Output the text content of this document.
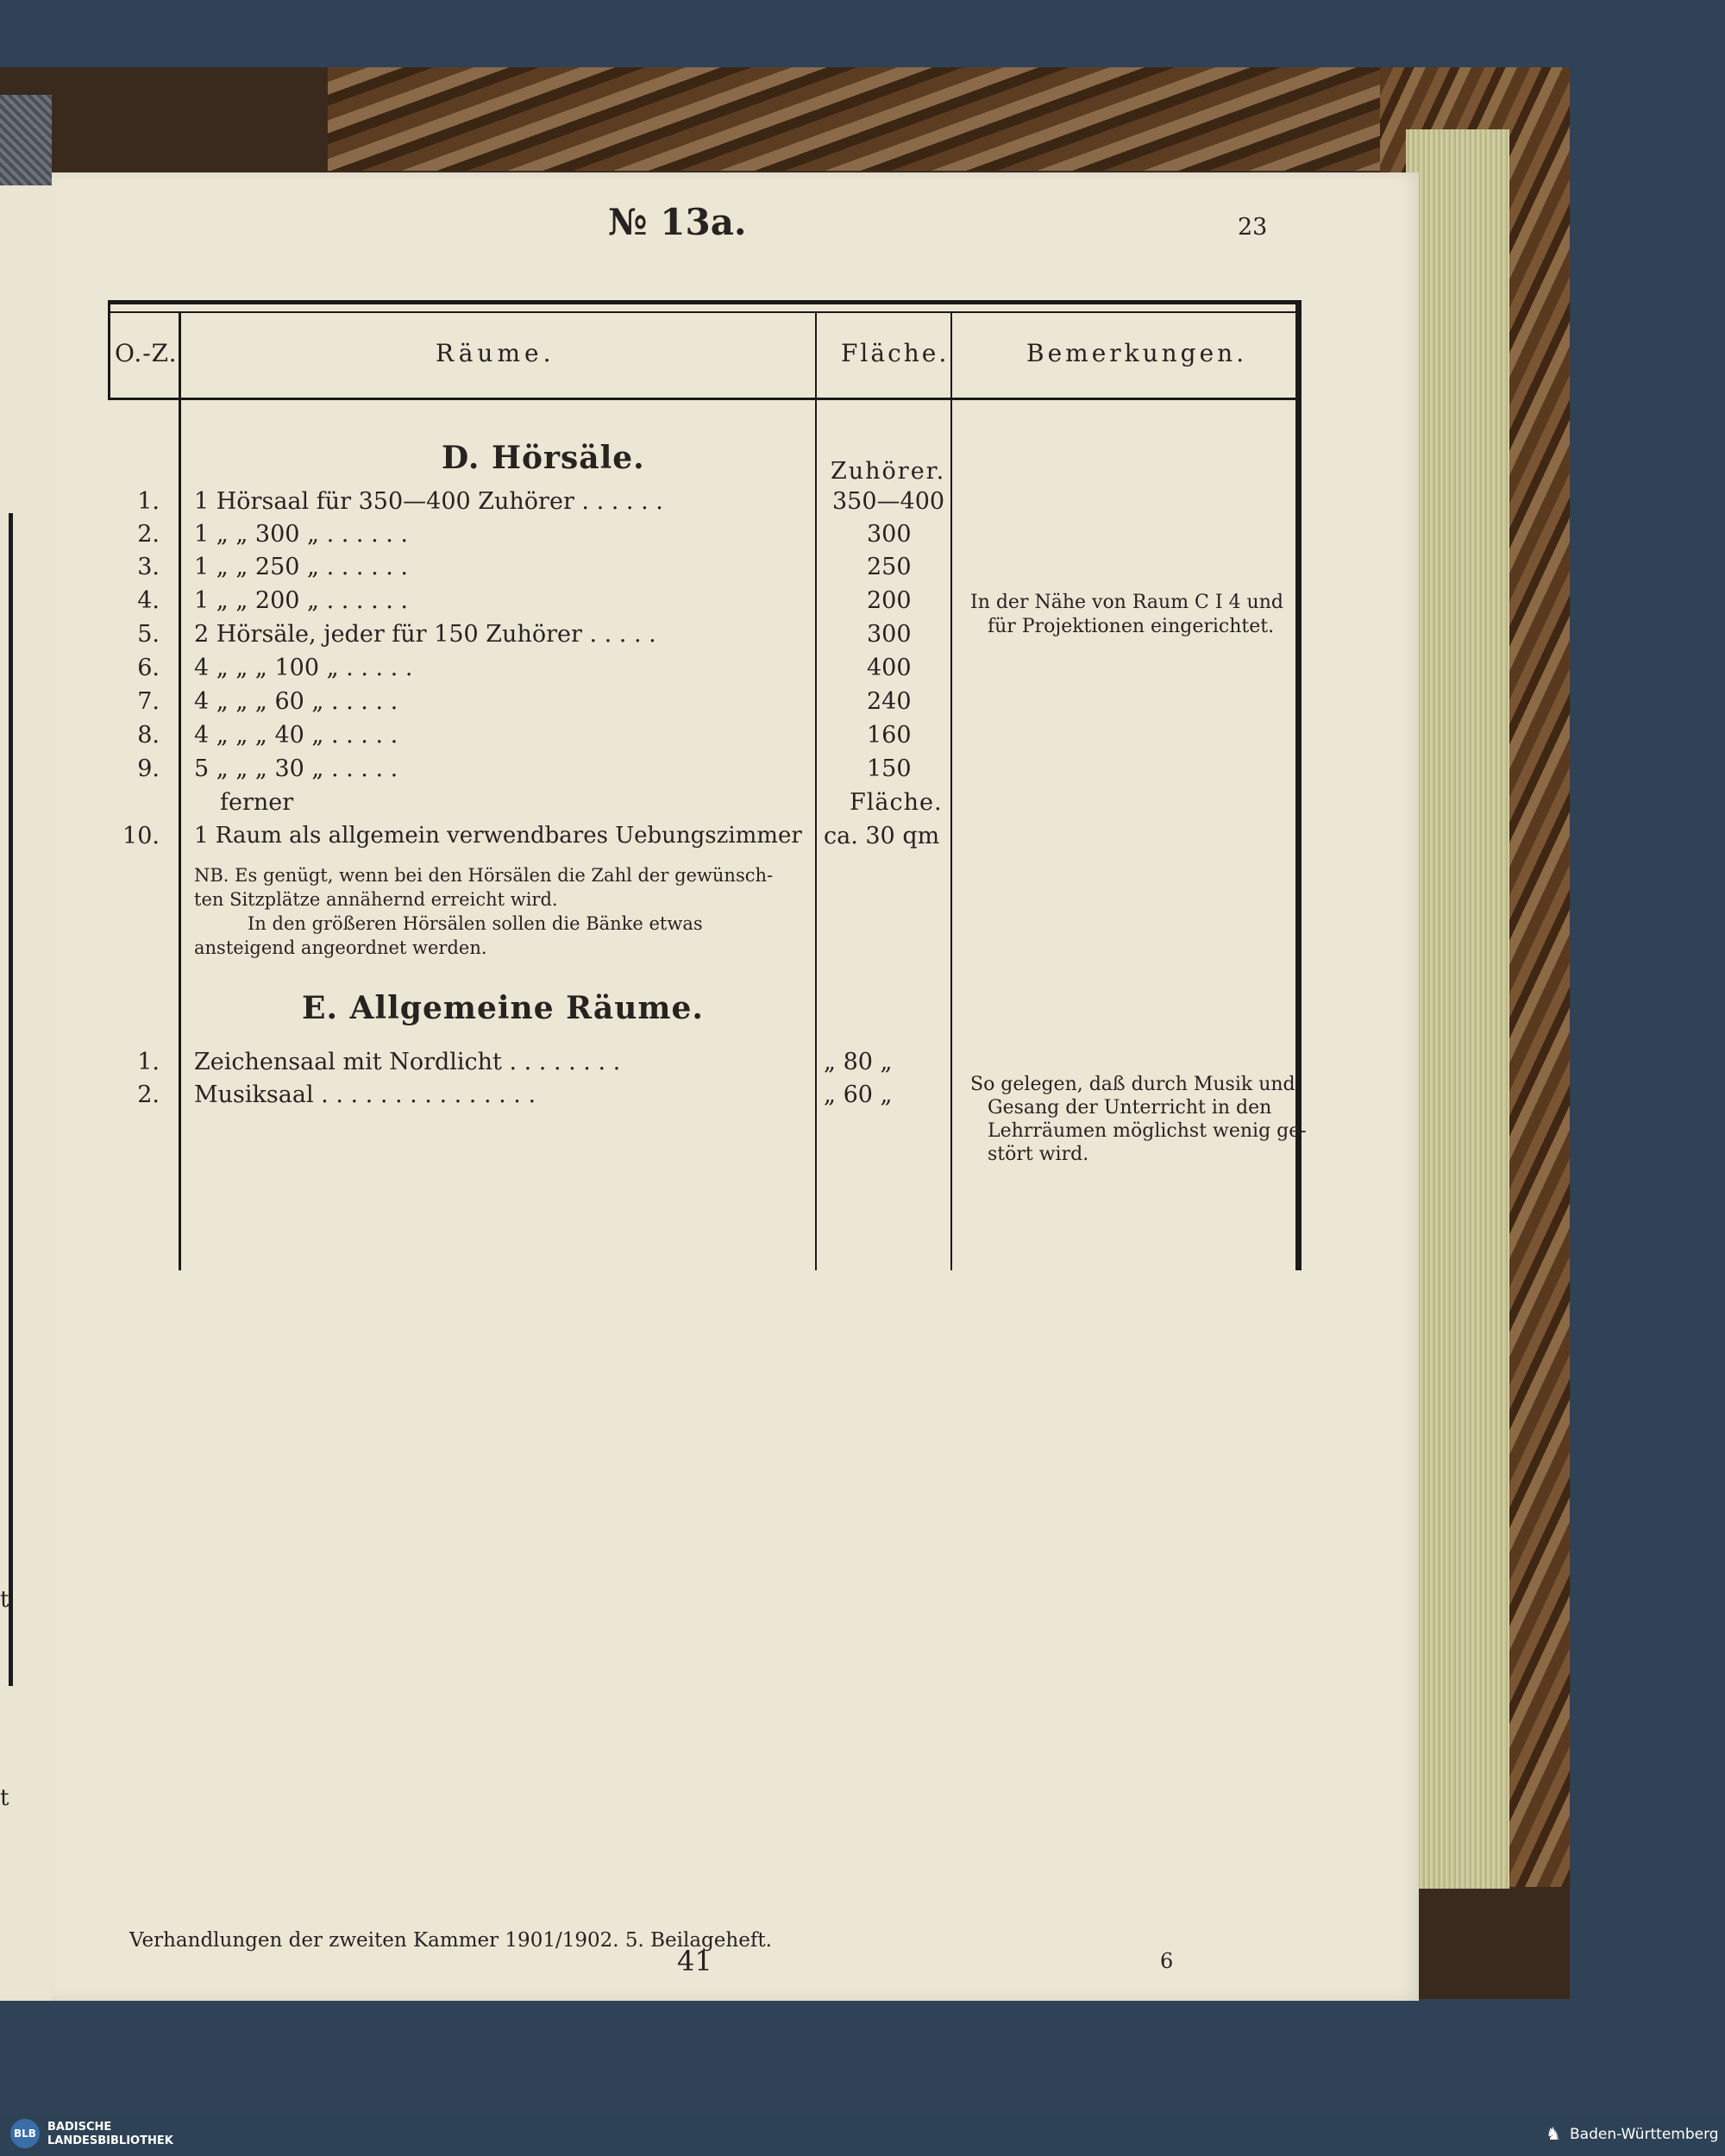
t
t
№ 13a.	23
O.-Z.	Räume.	Fläche.	Bemerkungen.
D. Hörsäle.	Zuhörer.
1. 1 Hörsaal für 350—400 Zuhörer . . . . . .	350—400
2. 1 „ „ 300 „ . . . . . .	300
3. 1 „ „ 250 „ . . . . . .	250
4. 1 „ „ 200 „ . . . . . .	200
5. 2 Hörsäle, jeder für 150 Zuhörer . . . . .	300
6. 4 „ „ „ 100 „ . . . . .	400
7. 4 „ „ „ 60 „ . . . . .	240
8. 4 „ „ „ 40 „ . . . . .	160
9. 5 „ „ „ 30 „ . . . . .	150
ferner	Fläche.
10. 1 Raum als allgemein verwendbares Uebungszimmer ca. 30 qm
NB. Es genügt, wenn bei den Hörsälen die Zahl der gewünsch-
ten Sitzplätze annähernd erreicht wird.
In den größeren Hörsälen sollen die Bänke etwas
ansteigend angeordnet werden.
In der Nähe von Raum C I 4 und
für Projektionen eingerichtet.
E. Allgemeine Räume.
1. Zeichensaal mit Nordlicht . . . . . . . .	„ 80 „
2. Musiksaal . . . . . . . . . . . . . . .	„ 60 „	So gelegen, daß durch Musik und
Gesang der Unterricht in den
Lehrräumen möglichst wenig ge-
stört wird.
Verhandlungen der zweiten Kammer 1901/1902. 5. Beilageheft.
41	6
BLB	BADISCHE
LANDESBIBLIOTHEK	♞ Baden-Württemberg
